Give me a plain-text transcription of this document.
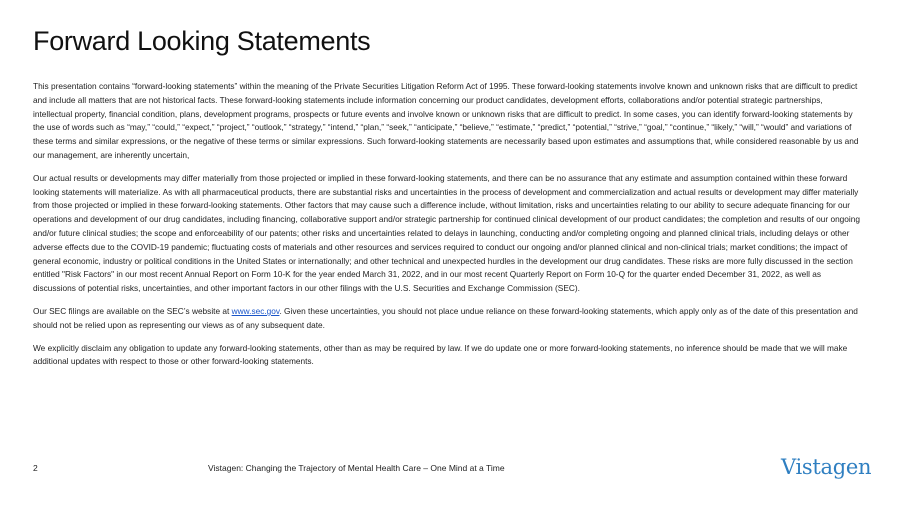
Forward Looking Statements

This presentation contains “forward-looking statements” within the meaning of the Private Securities Litigation Reform Act of 1995. These forward-looking statements involve known and unknown risks that are difficult to predict and include all matters that are not historical facts. These forward-looking statements include information concerning our product candidates, development efforts, collaborations and/or potential strategic partnerships, intellectual property, financial condition, plans, development programs, prospects or future events and involve known or unknown risks that are difficult to predict. In some cases, you can identify forward-looking statements by the use of words such as “may,” “could,” “expect,” “project,” “outlook,” “strategy,” “intend,” “plan,” “seek,” “anticipate,” “believe,” “estimate,” “predict,” “potential,” “strive,” “goal,” “continue,” “likely,” “will,” “would” and variations of these terms and similar expressions, or the negative of these terms or similar expressions. Such forward-looking statements are necessarily based upon estimates and assumptions that, while considered reasonable by us and our management, are inherently uncertain,

Our actual results or developments may differ materially from those projected or implied in these forward-looking statements, and there can be no assurance that any estimate and assumption contained within these forward looking statements will materialize. As with all pharmaceutical products, there are substantial risks and uncertainties in the process of development and commercialization and actual results or development may differ materially from those projected or implied in these forward-looking statements. Other factors that may cause such a difference include, without limitation, risks and uncertainties relating to our ability to secure adequate financing for our operations and development of our drug candidates, including financing, collaborative support and/or strategic partnership for continued clinical development of our product candidates; the completion and results of our ongoing and/or future clinical studies; the scope and enforceability of our patents; other risks and uncertainties related to delays in launching, conducting and/or completing ongoing and planned clinical trials, including delays or other adverse effects due to the COVID-19 pandemic; fluctuating costs of materials and other resources and services required to conduct our ongoing and/or planned clinical and non-clinical trials; market conditions; the impact of general economic, industry or political conditions in the United States or internationally; and other technical and unexpected hurdles in the development our drug candidates. These risks are more fully discussed in the section entitled "Risk Factors" in our most recent Annual Report on Form 10-K for the year ended March 31, 2022, and in our most recent Quarterly Report on Form 10-Q for the quarter ended December 31, 2022, as well as discussions of potential risks, uncertainties, and other important factors in our other filings with the U.S. Securities and Exchange Commission (SEC).

Our SEC filings are available on the SEC’s website at www.sec.gov. Given these uncertainties, you should not place undue reliance on these forward-looking statements, which apply only as of the date of this presentation and should not be relied upon as representing our views as of any subsequent date.

We explicitly disclaim any obligation to update any forward-looking statements, other than as may be required by law. If we do update one or more forward-looking statements, no inference should be made that we will make additional updates with respect to those or other forward-looking statements.

2	Vistagen: Changing the Trajectory of Mental Health Care – One Mind at a Time	Vistagen
